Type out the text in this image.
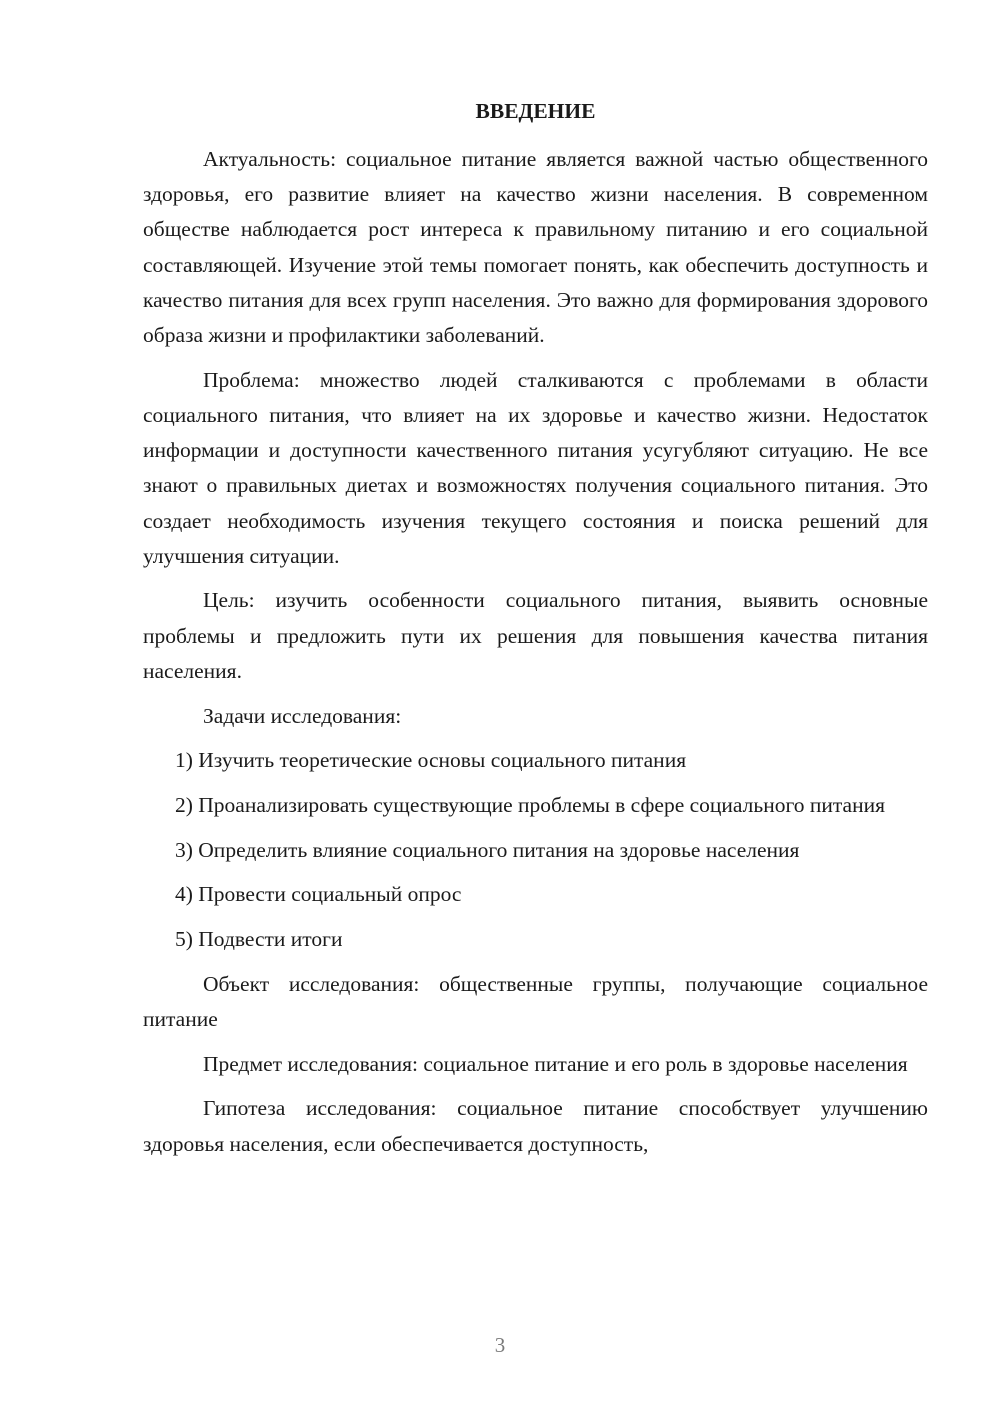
ВВЕДЕНИЕ

Актуальность: социальное питание является важной частью общественного здоровья, его развитие влияет на качество жизни населения. В современном обществе наблюдается рост интереса к правильному питанию и его социальной составляющей. Изучение этой темы помогает понять, как обеспечить доступность и качество питания для всех групп населения. Это важно для формирования здорового образа жизни и профилактики заболеваний.

Проблема: множество людей сталкиваются с проблемами в области социального питания, что влияет на их здоровье и качество жизни. Недостаток информации и доступности качественного питания усугубляют ситуацию. Не все знают о правильных диетах и возможностях получения социального питания. Это создает необходимость изучения текущего состояния и поиска решений для улучшения ситуации.

Цель: изучить особенности социального питания, выявить основные проблемы и предложить пути их решения для повышения качества питания населения.

Задачи исследования:

1) Изучить теоретические основы социального питания

2) Проанализировать существующие проблемы в сфере социального питания

3) Определить влияние социального питания на здоровье населения

4) Провести социальный опрос

5) Подвести итоги

Объект исследования: общественные группы, получающие социальное питание

Предмет исследования: социальное питание и его роль в здоровье населения

Гипотеза исследования: социальное питание способствует улучшению здоровья населения, если обеспечивается доступность,

3
